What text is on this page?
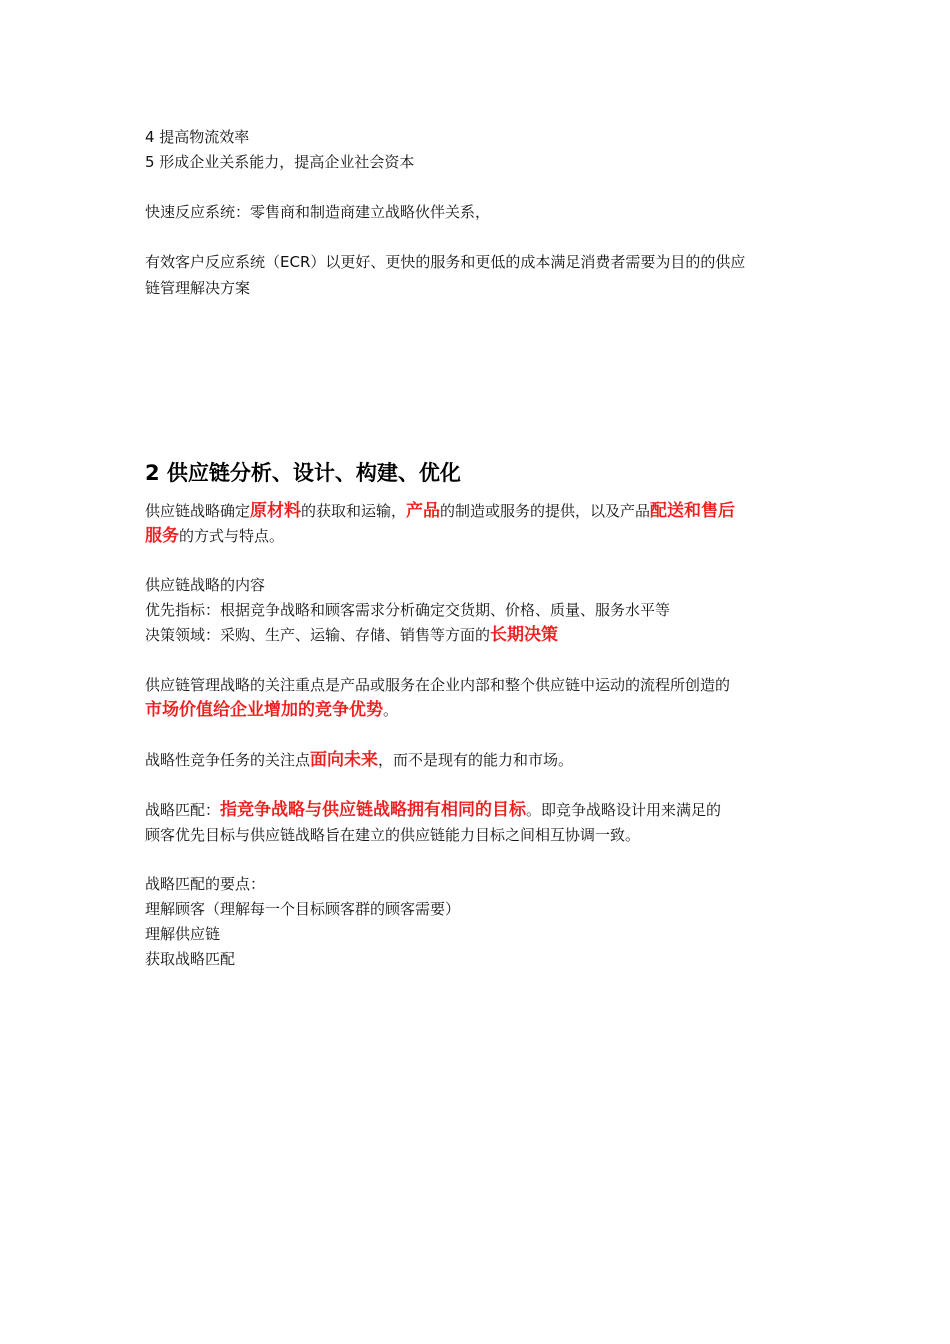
4 提高物流效率
5 形成企业关系能力，提高企业社会资本
快速反应系统：零售商和制造商建立战略伙伴关系，
有效客户反应系统（ECR）以更好、更快的服务和更低的成本满足消费者需要为目的的供应
链管理解决方案
2 供应链分析、设计、构建、优化
供应链战略确定原材料的获取和运输，产品的制造或服务的提供，以及产品配送和售后
服务的方式与特点。
供应链战略的内容
优先指标：根据竞争战略和顾客需求分析确定交货期、价格、质量、服务水平等
决策领域：采购、生产、运输、存储、销售等方面的长期决策
供应链管理战略的关注重点是产品或服务在企业内部和整个供应链中运动的流程所创造的
市场价值给企业增加的竞争优势。
战略性竞争任务的关注点面向未来，而不是现有的能力和市场。
战略匹配：指竞争战略与供应链战略拥有相同的目标。即竞争战略设计用来满足的
顾客优先目标与供应链战略旨在建立的供应链能力目标之间相互协调一致。
战略匹配的要点：
理解顾客（理解每一个目标顾客群的顾客需要）
理解供应链
获取战略匹配
